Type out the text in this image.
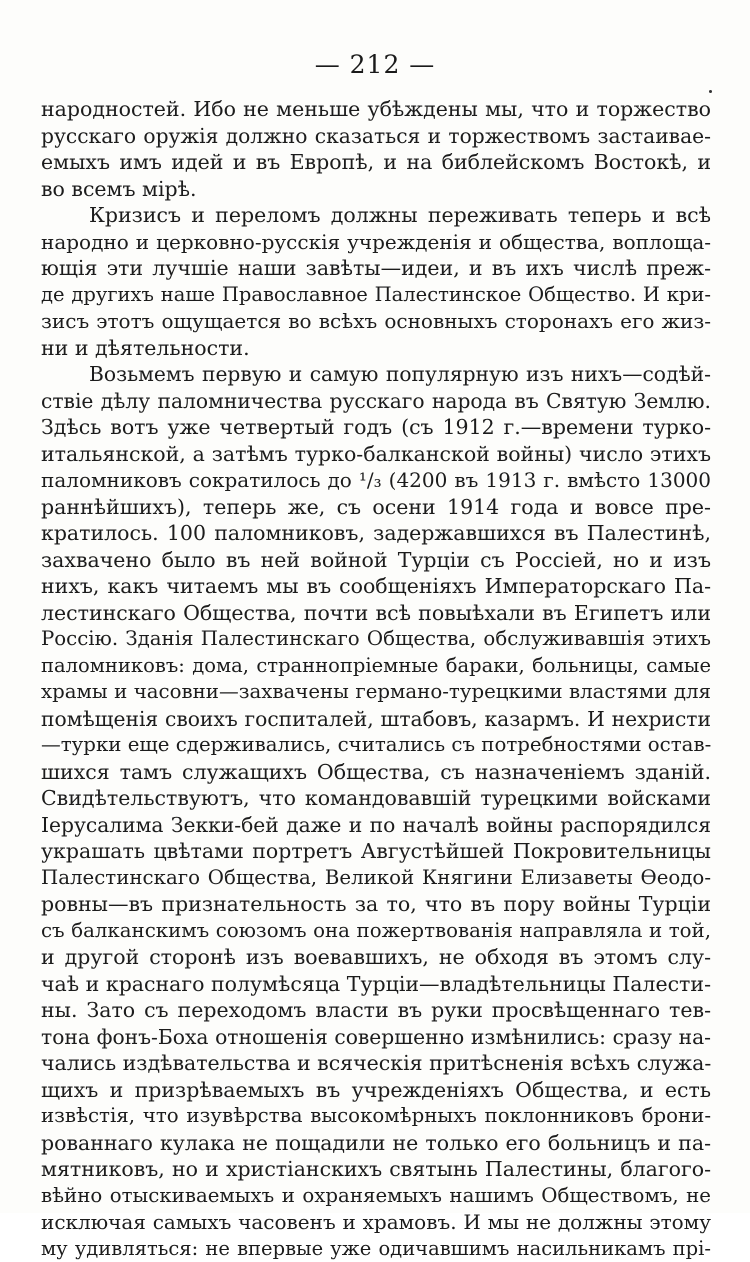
— 212 —
народностей. Ибо не меньше убѣждены мы, что и торжество
русскаго оружія должно сказаться и торжествомъ застаиваe-
емыхъ имъ идей и въ Европѣ, и на библейскомъ Востокѣ, и
во всемъ мірѣ.
Кризисъ и переломъ должны переживать теперь и всѣ
народно и церковно-русскія учрежденія и общества, воплоща-
ющія эти лучшіе наши завѣты—идеи, и въ ихъ числѣ преж-
де другихъ наше Православное Палестинское Общество. И кри-
зисъ этотъ ощущается во всѣхъ основныхъ сторонахъ его жиз-
ни и дѣятельности.
Возьмемъ первую и самую популярную изъ нихъ—содѣй-
ствіе дѣлу паломничества русскаго народа въ Святую Землю.
Здѣсь вотъ уже четвертый годъ (съ 1912 г.—времени турко-
итальянской, а затѣмъ турко-балканской войны) число этихъ
паломниковъ сократилось до ¹/₃ (4200 въ 1913 г. вмѣсто 13000
раннѣйшихъ), теперь же, съ осени 1914 года и вовсе пре-
кратилось. 100 паломниковъ, задержавшихся въ Палестинѣ,
захвачено было въ ней войной Турціи съ Россіей, но и изъ
нихъ, какъ читаемъ мы въ сообщеніяхъ Императорскаго Па-
лестинскаго Общества, почти всѣ повыѣхали въ Египетъ или
Россію. Зданія Палестинскаго Общества, обслуживавшія этихъ
паломниковъ: дома, страннопріемные бараки, больницы, самые
храмы и часовни—захвачены германо-турецкими властями для
помѣщенія своихъ госпиталей, штабовъ, казармъ. И нехристи
—турки еще сдерживались, считались съ потребностями остав-
шихся тамъ служащихъ Общества, съ назначеніемъ зданій.
Свидѣтельствуютъ, что командовавшій турецкими войсками
Іерусалима Зекки-бей даже и по началѣ войны распорядился
украшать цвѣтами портретъ Августѣйшей Покровительницы
Палестинскаго Общества, Великой Княгини Елизаветы Ѳеодо-
ровны—въ признательность за то, что въ пору войны Турціи
съ балканскимъ союзомъ она пожертвованія направляла и той,
и другой сторонѣ изъ воевавшихъ, не обходя въ этомъ слу-
чаѣ и краснаго полумѣсяца Турціи—владѣтельницы Палести-
ны. Зато съ переходомъ власти въ руки просвѣщеннаго тев-
тона фонъ-Боха отношенія совершенно измѣнились: сразу на-
чались издѣвательства и всяческія притѣсненія всѣхъ служа-
щихъ и призрѣваемыхъ въ учрежденіяхъ Общества, и есть
извѣстія, что изувѣрства высокомѣрныхъ поклонниковъ брони-
рованнаго кулака не пощадили не только его больницъ и па-
мятниковъ, но и христіанскихъ святынь Палестины, благого-
вѣйно отыскиваемыхъ и охраняемыхъ нашимъ Обществомъ, не
исключая самыхъ часовенъ и храмовъ. И мы не должны этому
му удивляться: не впервые уже одичавшимъ насильникамъ прі-
